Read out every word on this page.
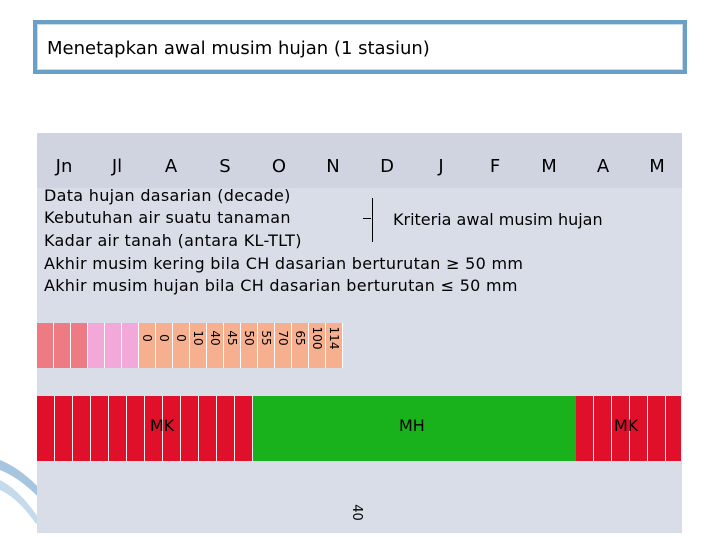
Menetapkan awal musim hujan (1 stasiun)
Jn	Jl	A	S	O	N	D	J	F	M	A	M
Data hujan dasarian (decade)
Kebutuhan air suatu tanaman
Kadar air tanah (antara KL-TLT)
Akhir musim kering bila CH dasarian berturutan ≥ 50 mm
Akhir musim hujan bila CH dasarian berturutan ≤ 50 mm
Kriteria awal musim hujan
0 0 0 10 40 45 50 55 70 65 100 114
MK	MH	MK
40
